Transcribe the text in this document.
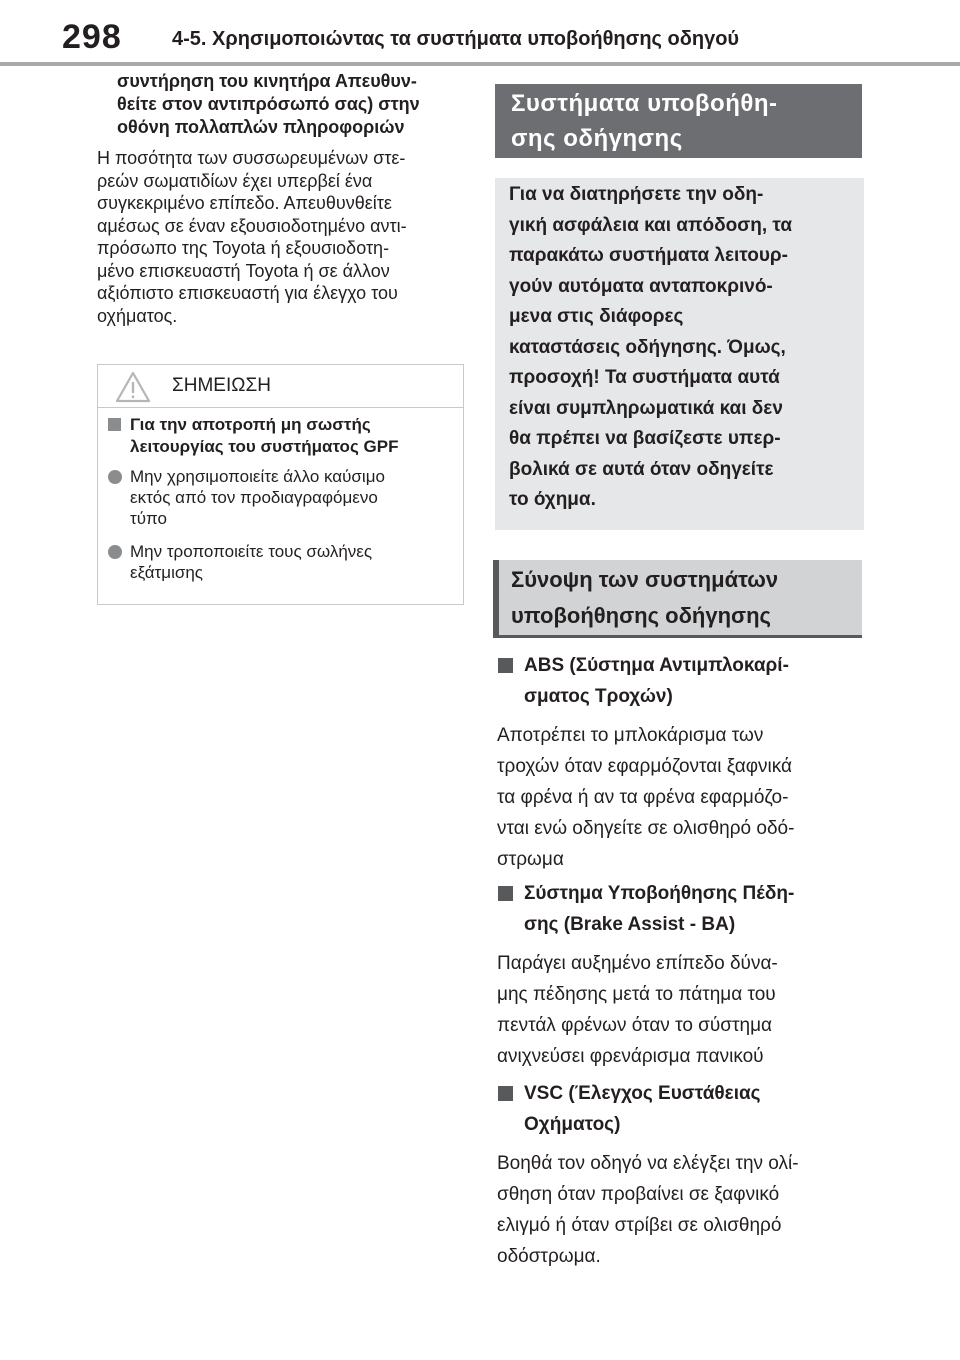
298	4-5. Χρησιμοποιώντας τα συστήματα υποβοήθησης οδηγού
συντήρηση του κινητήρα Απευθυν-
θείτε στον αντιπρόσωπό σας) στην
οθόνη πολλαπλών πληροφοριών
Η ποσότητα των συσσωρευμένων στε-
ρεών σωματιδίων έχει υπερβεί ένα
συγκεκριμένο επίπεδο. Απευθυνθείτε
αμέσως σε έναν εξουσιοδοτημένο αντι-
πρόσωπο της Toyota ή εξουσιοδοτη-
μένο επισκευαστή Toyota ή σε άλλον
αξιόπιστο επισκευαστή για έλεγχο του
οχήματος.
ΣΗΜΕΙΩΣΗ
Για την αποτροπή μη σωστής
λειτουργίας του συστήματος GPF
Μην χρησιμοποιείτε άλλο καύσιμο
εκτός από τον προδιαγραφόμενο
τύπο
Μην τροποποιείτε τους σωλήνες
εξάτμισης
Συστήματα υποβοήθη-
σης οδήγησης
Για να διατηρήσετε την οδη-
γική ασφάλεια και απόδοση, τα
παρακάτω συστήματα λειτουρ-
γούν αυτόματα ανταποκρινό-
μενα στις διάφορες
καταστάσεις οδήγησης. Όμως,
προσοχή! Τα συστήματα αυτά
είναι συμπληρωματικά και δεν
θα πρέπει να βασίζεστε υπερ-
βολικά σε αυτά όταν οδηγείτε
το όχημα.
Σύνοψη των συστημάτων
υποβοήθησης οδήγησης
ABS (Σύστημα Αντιμπλοκαρί-
σματος Τροχών)
Αποτρέπει το μπλοκάρισμα των
τροχών όταν εφαρμόζονται ξαφνικά
τα φρένα ή αν τα φρένα εφαρμόζο-
νται ενώ οδηγείτε σε ολισθηρό οδό-
στρωμα
Σύστημα Υποβοήθησης Πέδη-
σης (Brake Assist - BA)
Παράγει αυξημένο επίπεδο δύνα-
μης πέδησης μετά το πάτημα του
πεντάλ φρένων όταν το σύστημα
ανιχνεύσει φρενάρισμα πανικού
VSC (Έλεγχος Ευστάθειας
Οχήματος)
Βοηθά τον οδηγό να ελέγξει την ολί-
σθηση όταν προβαίνει σε ξαφνικό
ελιγμό ή όταν στρίβει σε ολισθηρό
οδόστρωμα.
